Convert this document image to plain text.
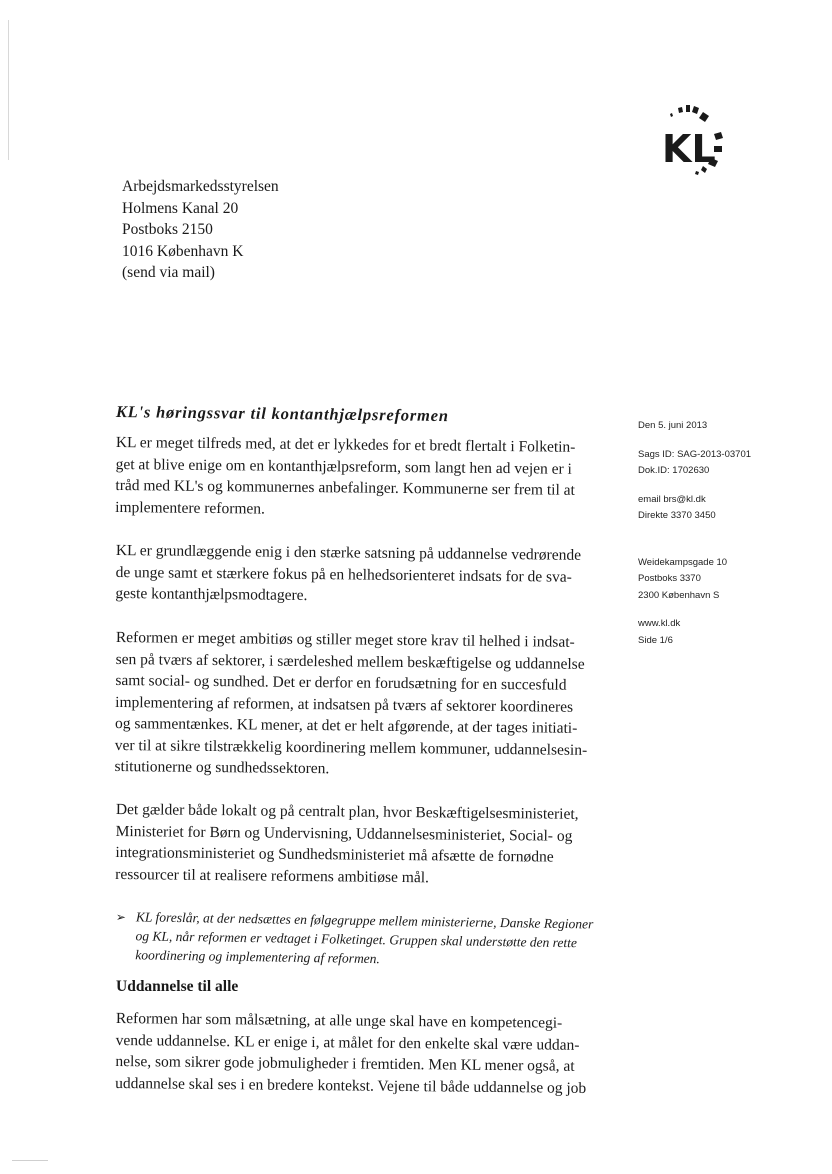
KL
Arbejdsmarkedsstyrelsen
Holmens Kanal 20
Postboks 2150
1016 København K
(send via mail)
Den 5. juni 2013
Sags ID: SAG-2013-03701
Dok.ID: 1702630
email brs@kl.dk
Direkte 3370 3450
Weidekampsgade 10
Postboks 3370
2300 København S
www.kl.dk
Side 1/6
KL's høringssvar til kontanthjælpsreformen
KL er meget tilfreds med, at det er lykkedes for et bredt flertalt i Folketin-
get at blive enige om en kontanthjælpsreform, som langt hen ad vejen er i
tråd med KL's og kommunernes anbefalinger. Kommunerne ser frem til at
implementere reformen.
KL er grundlæggende enig i den stærke satsning på uddannelse vedrørende
de unge samt et stærkere fokus på en helhedsorienteret indsats for de sva-
geste kontanthjælpsmodtagere.
Reformen er meget ambitiøs og stiller meget store krav til helhed i indsat-
sen på tværs af sektorer, i særdeleshed mellem beskæftigelse og uddannelse
samt social- og sundhed. Det er derfor en forudsætning for en succesfuld
implementering af reformen, at indsatsen på tværs af sektorer koordineres
og sammentænkes. KL mener, at det er helt afgørende, at der tages initiati-
ver til at sikre tilstrækkelig koordinering mellem kommuner, uddannelsesin-
stitutionerne og sundhedssektoren.
Det gælder både lokalt og på centralt plan, hvor Beskæftigelsesministeriet,
Ministeriet for Børn og Undervisning, Uddannelsesministeriet, Social- og
integrationsministeriet og Sundhedsministeriet må afsætte de fornødne
ressourcer til at realisere reformens ambitiøse mål.
➢ KL foreslår, at der nedsættes en følgegruppe mellem ministerierne, Danske Regioner
og KL, når reformen er vedtaget i Folketinget. Gruppen skal understøtte den rette
koordinering og implementering af reformen.
Uddannelse til alle
Reformen har som målsætning, at alle unge skal have en kompetencegi-
vende uddannelse. KL er enige i, at målet for den enkelte skal være uddan-
nelse, som sikrer gode jobmuligheder i fremtiden. Men KL mener også, at
uddannelse skal ses i en bredere kontekst. Vejene til både uddannelse og job
